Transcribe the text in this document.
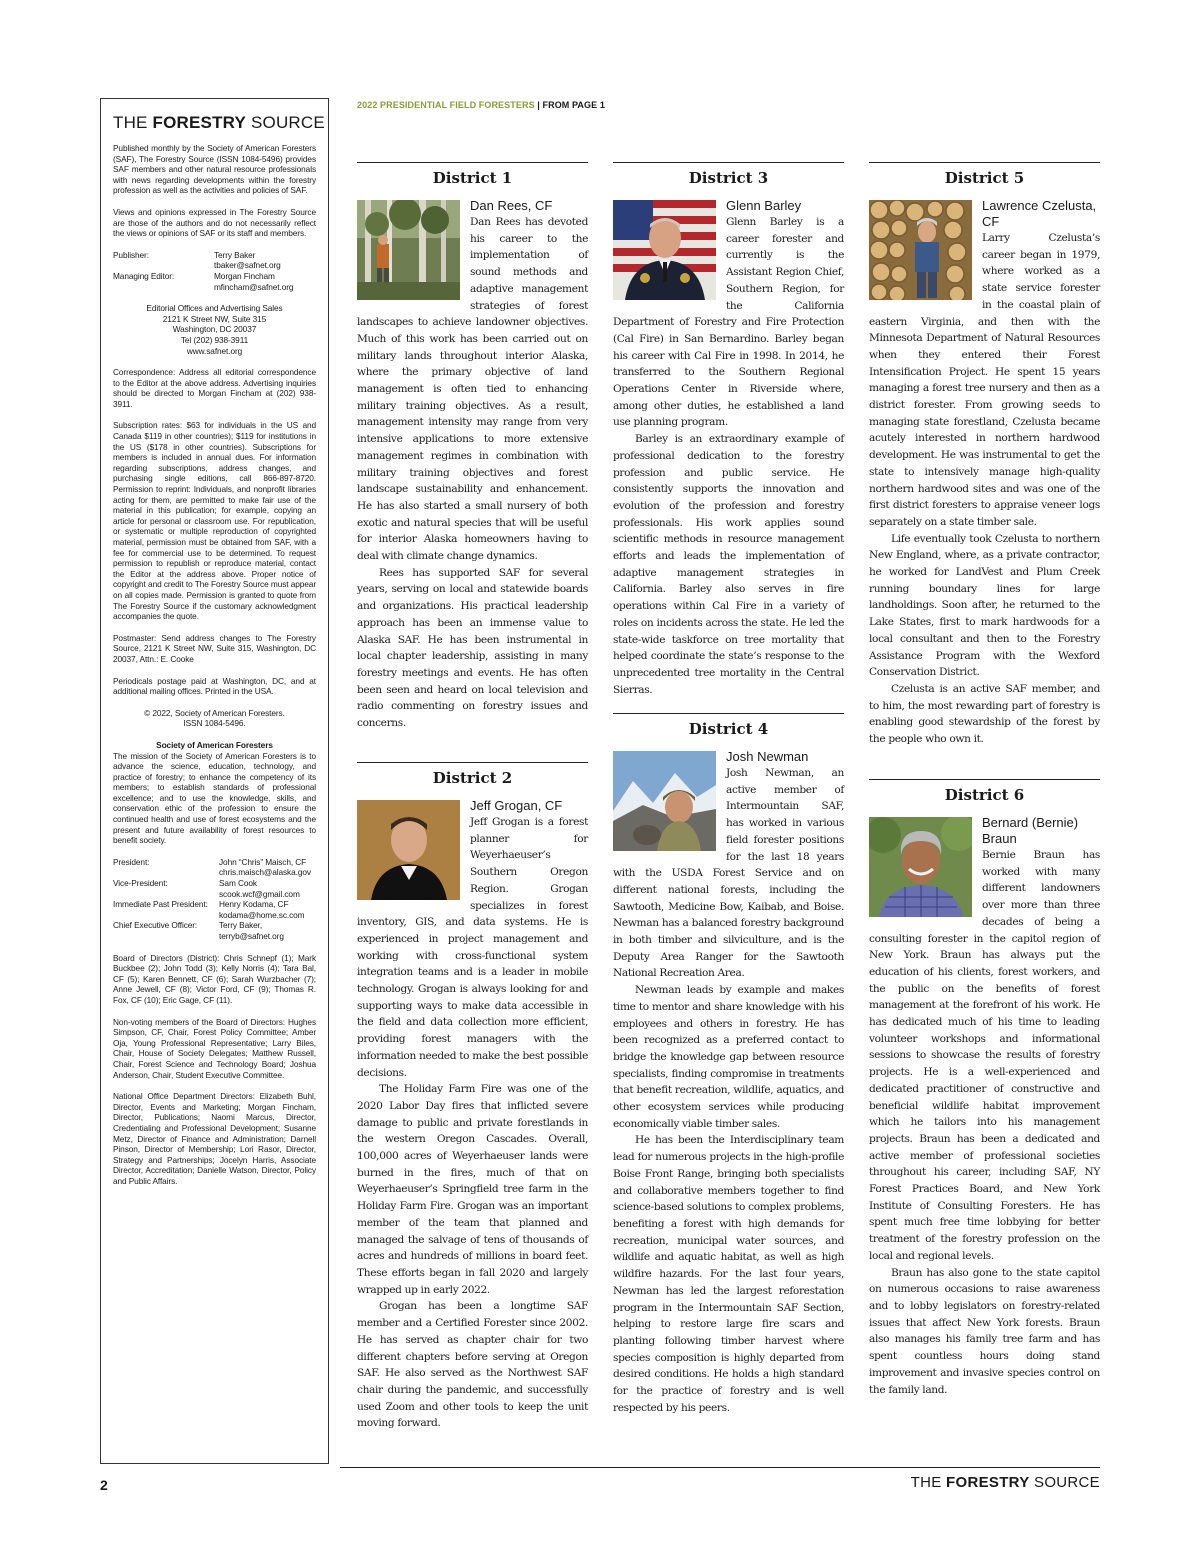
THE FORESTRY SOURCE

Published monthly by the Society of American Foresters (SAF), The Forestry Source (ISSN 1084-5496) provides SAF members and other natural resource professionals with news regarding developments within the forestry profession as well as the activities and policies of SAF.

Views and opinions expressed in The Forestry Source are those of the authors and do not necessarily reflect the views or opinions of SAF or its staff and members.

Publisher:	Terry Baker
tbaker@safnet.org
Managing Editor:	Morgan Fincham
mfincham@safnet.org
Editorial Offices and Advertising Sales
2121 K Street NW, Suite 315
Washington, DC 20037
Tel (202) 938-3911
www.safnet.org

Correspondence: Address all editorial correspondence to the Editor at the above address. Advertising inquiries should be directed to Morgan Fincham at (202) 938-3911.

Subscription rates: $63 for individuals in the US and Canada $119 in other countries); $119 for institutions in the US ($178 in other countries). Subscriptions for members is included in annual dues. For information regarding subscriptions, address changes, and purchasing single editions, call 866-897-8720. Permission to reprint: Individuals, and nonprofit libraries acting for them, are permitted to make fair use of the material in this publication; for example, copying an article for personal or classroom use. For republication, or systematic or multiple reproduction of copyrighted material, permission must be obtained from SAF, with a fee for commercial use to be determined. To request permission to republish or reproduce material, contact the Editor at the address above. Proper notice of copyright and credit to The Forestry Source must appear on all copies made. Permission is granted to quote from The Forestry Source if the customary acknowledgment accompanies the quote.

Postmaster: Send address changes to The Forestry Source, 2121 K Street NW, Suite 315, Washington, DC 20037, Attn.: E. Cooke

Periodicals postage paid at Washington, DC, and at additional mailing offices. Printed in the USA.

© 2022, Society of American Foresters.
ISSN 1084-5496.

Society of American Foresters

The mission of the Society of American Foresters is to advance the science, education, technology, and practice of forestry; to enhance the competency of its members; to establish standards of professional excellence; and to use the knowledge, skills, and conservation ethic of the profession to ensure the continued health and use of forest ecosystems and the present and future availability of forest resources to benefit society.

President:	John “Chris” Maisch, CF
chris.maisch@alaska.gov
Vice-President:	Sam Cook
scook.wcf@gmail.com
Immediate Past President:	Henry Kodama, CF
kodama@home.sc.com
Chief Executive Officer:	Terry Baker,
terryb@safnet.org

Board of Directors (District): Chris Schnepf (1); Mark Buckbee (2); John Todd (3); Kelly Norris (4); Tara Bal, CF (5); Karen Bennett, CF (6); Sarah Wurzbacher (7); Anne Jewell, CF (8); Victor Ford, CF (9); Thomas R. Fox, CF (10); Eric Gage, CF (11).

Non-voting members of the Board of Directors: Hughes Simpson, CF, Chair, Forest Policy Committee; Amber Oja, Young Professional Representative; Larry Biles, Chair, House of Society Delegates; Matthew Russell, Chair, Forest Science and Technology Board; Joshua Anderson, Chair, Student Executive Committee.

National Office Department Directors: Elizabeth Buhl, Director, Events and Marketing; Morgan Fincham, Director, Publications; Naomi Marcus, Director, Credentialing and Professional Development; Susanne Metz, Director of Finance and Administration; Darnell Pinson, Director of Membership; Lori Rasor, Director, Strategy and Partnerships; Jocelyn Harris, Associate Director, Accreditation; Danielle Watson, Director, Policy and Public Affairs.

2022 PRESIDENTIAL FIELD FORESTERS | FROM PAGE 1
District 1
Dan Rees, CF

Dan Rees has devoted his career to the implementation of sound methods and adaptive management strategies of forest landscapes to achieve landowner objectives. Much of this work has been carried out on military lands throughout interior Alaska, where the primary objective of land management is often tied to enhancing military training objectives. As a result, management intensity may range from very intensive applications to more extensive management regimes in combination with military training objectives and forest landscape sustainability and enhancement. He has also started a small nursery of both exotic and natural species that will be useful for interior Alaska homeowners having to deal with climate change dynamics.

Rees has supported SAF for several years, serving on local and statewide boards and organizations. His practical leadership approach has been an immense value to Alaska SAF. He has been instrumental in local chapter leadership, assisting in many forestry meetings and events. He has often been seen and heard on local television and radio commenting on forestry issues and concerns.

District 2
Jeff Grogan, CF

Jeff Grogan is a forest planner for Weyerhaeuser’s Southern Oregon Region. Grogan specializes in forest inventory, GIS, and data systems. He is experienced in project management and working with cross-functional system integration teams and is a leader in mobile technology. Grogan is always looking for and supporting ways to make data accessible in the field and data collection more efficient, providing forest managers with the information needed to make the best possible decisions.

The Holiday Farm Fire was one of the 2020 Labor Day fires that inflicted severe damage to public and private forestlands in the western Oregon Cascades. Overall, 100,000 acres of Weyerhaeuser lands were burned in the fires, much of that on Weyerhaeuser’s Springfield tree farm in the Holiday Farm Fire. Grogan was an important member of the team that planned and managed the salvage of tens of thousands of acres and hundreds of millions in board feet. These efforts began in fall 2020 and largely wrapped up in early 2022.

Grogan has been a longtime SAF member and a Certified Forester since 2002. He has served as chapter chair for two different chapters before serving at Oregon SAF. He also served as the Northwest SAF chair during the pandemic, and successfully used Zoom and other tools to keep the unit moving forward.

District 3
Glenn Barley

Glenn Barley is a career forester and currently is the Assistant Region Chief, Southern Region, for the California Department of Forestry and Fire Protection (Cal Fire) in San Bernardino. Barley began his career with Cal Fire in 1998. In 2014, he transferred to the Southern Regional Operations Center in Riverside where, among other duties, he established a land use planning program.

Barley is an extraordinary example of professional dedication to the forestry profession and public service. He consistently supports the innovation and evolution of the profession and forestry professionals. His work applies sound scientific methods in resource management efforts and leads the implementation of adaptive management strategies in California. Barley also serves in fire operations within Cal Fire in a variety of roles on incidents across the state. He led the state-wide taskforce on tree mortality that helped coordinate the state’s response to the unprecedented tree mortality in the Central Sierras.

District 4
Josh Newman

Josh Newman, an active member of Intermountain SAF, has worked in various field forester positions for the last 18 years with the USDA Forest Service and on different national forests, including the Sawtooth, Medicine Bow, Kaibab, and Boise. Newman has a balanced forestry background in both timber and silviculture, and is the Deputy Area Ranger for the Sawtooth National Recreation Area.

Newman leads by example and makes time to mentor and share knowledge with his employees and others in forestry. He has been recognized as a preferred contact to bridge the knowledge gap between resource specialists, finding compromise in treatments that benefit recreation, wildlife, aquatics, and other ecosystem services while producing economically viable timber sales.

He has been the Interdisciplinary team lead for numerous projects in the high-profile Boise Front Range, bringing both specialists and collaborative members together to find science-based solutions to complex problems, benefiting a forest with high demands for recreation, municipal water sources, and wildlife and aquatic habitat, as well as high wildfire hazards. For the last four years, Newman has led the largest reforestation program in the Intermountain SAF Section, helping to restore large fire scars and planting following timber harvest where species composition is highly departed from desired conditions. He holds a high standard for the practice of forestry and is well respected by his peers.

District 5
Lawrence Czelusta, CF

Larry Czelusta’s career began in 1979, where worked as a state service forester in the coastal plain of eastern Virginia, and then with the Minnesota Department of Natural Resources when they entered their Forest Intensification Project. He spent 15 years managing a forest tree nursery and then as a district forester. From growing seeds to managing state forestland, Czelusta became acutely interested in northern hardwood development. He was instrumental to get the state to intensively manage high-quality northern hardwood sites and was one of the first district foresters to appraise veneer logs separately on a state timber sale.

Life eventually took Czelusta to northern New England, where, as a private contractor, he worked for LandVest and Plum Creek running boundary lines for large landholdings. Soon after, he returned to the Lake States, first to mark hardwoods for a local consultant and then to the Forestry Assistance Program with the Wexford Conservation District.

Czelusta is an active SAF member, and to him, the most rewarding part of forestry is enabling good stewardship of the forest by the people who own it.

District 6
Bernard (Bernie) Braun

Bernie Braun has worked with many different landowners over more than three decades of being a consulting forester in the capitol region of New York. Braun has always put the education of his clients, forest workers, and the public on the benefits of forest management at the forefront of his work. He has dedicated much of his time to leading volunteer workshops and informational sessions to showcase the results of forestry projects. He is a well-experienced and dedicated practitioner of constructive and beneficial wildlife habitat improvement which he tailors into his management projects. Braun has been a dedicated and active member of professional societies throughout his career, including SAF, NY Forest Practices Board, and New York Institute of Consulting Foresters. He has spent much free time lobbying for better treatment of the forestry profession on the local and regional levels.

Braun has also gone to the state capitol on numerous occasions to raise awareness and to lobby legislators on forestry-related issues that affect New York forests. Braun also manages his family tree farm and has spent countless hours doing stand improvement and invasive species control on the family land.

2	THE FORESTRY SOURCE
